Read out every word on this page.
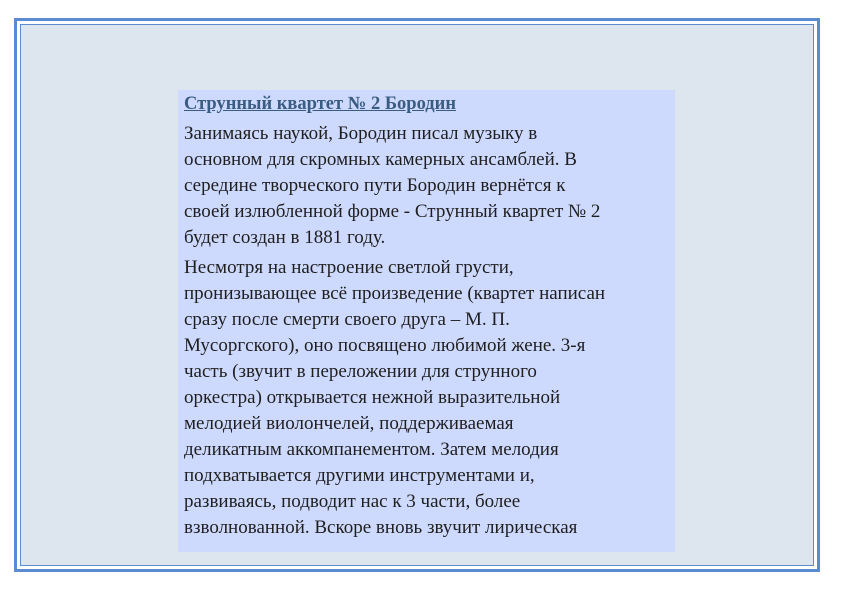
Струнный квартет № 2 Бородин
Занимаясь наукой, Бородин писал музыку в
основном для скромных камерных ансамблей. В
середине творческого пути Бородин вернётся к
своей излюбленной форме - Струнный квартет № 2
будет создан в 1881 году.
Несмотря на настроение светлой грусти,
пронизывающее всё произведение (квартет написан
сразу после смерти своего друга – М. П.
Мусоргского), оно посвящено любимой жене. 3-я
часть (звучит в переложении для струнного
оркестра) открывается нежной выразительной
мелодией виолончелей, поддерживаемая
деликатным аккомпанементом. Затем мелодия
подхватывается другими инструментами и,
развиваясь, подводит нас к 3 части, более
взволнованной. Вскоре вновь звучит лирическая
